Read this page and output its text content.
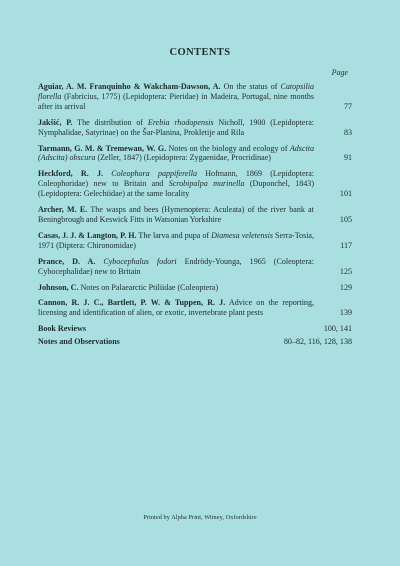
CONTENTS
Page
Aguiar, A. M. Franquinho & Wakcham-Dawson, A. On the status of Catopsilia florella (Fabricius, 1775) (Lepidoptera: Pieridae) in Madeira, Portugal, nine months after its arrival	77
Jakšić, P. The distribution of Erebia rhodopensis Nicholl, 1900 (Lepidoptera: Nymphalidae, Satyrinae) on the Šar-Planina, Prokletije and Rila	83
Tarmann, G. M. & Tremewan, W. G. Notes on the biology and ecology of Adscita (Adscita) obscura (Zeller, 1847) (Lepidoptera: Zygaenidae, Procridinae)	91
Heckford, R. J. Coleophora pappiferella Hofmann, 1869 (Lepidoptera: Coleophoridae) new to Britain and Scrobipalpa murinella (Duponchel, 1843) (Lepidoptera: Gelechiidae) at the same locality	101
Archer, M. E. The wasps and bees (Hymenoptera: Aculeata) of the river bank at Beningbrough and Keswick Fitts in Watsonian Yorkshire	105
Casas, J. J. & Langton, P. H. The larva and pupa of Diamesa veletensis Serra-Tosia, 1971 (Diptera: Chironomidae)	117
Prance, D. A. Cybocephalus fodori Endrödy-Younga, 1965 (Coleoptera: Cybocephalidae) new to Britain	125
Johnson, C. Notes on Palaearctic Ptiliidae (Coleoptera)	129
Cannon, R. J. C., Bartlett, P. W. & Tuppen, R. J. Advice on the reporting, licensing and identification of alien, or exotic, invertebrate plant pests	139
Book Reviews	100, 141
Notes and Observations	80–82, 116, 128, 138
Printed by Alpha Print, Witney, Oxfordshire
